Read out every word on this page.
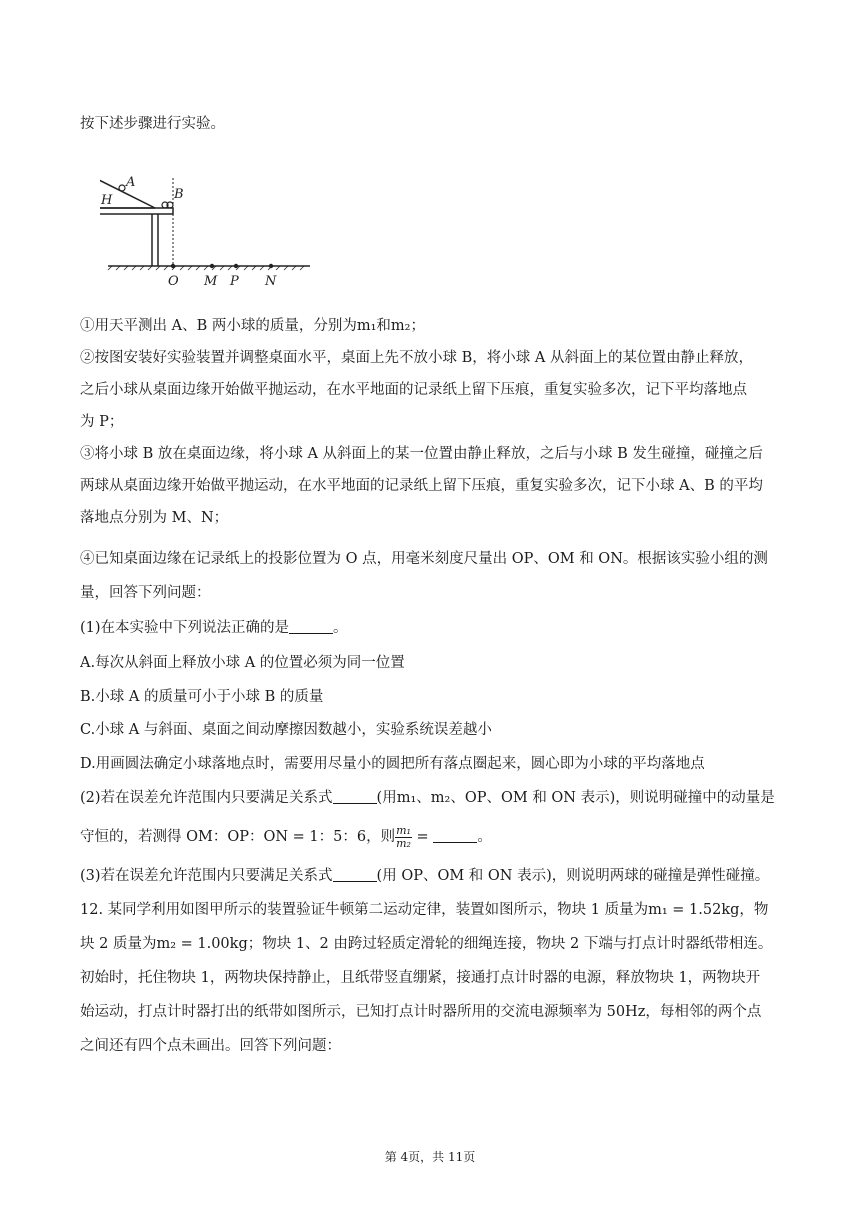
按下述步骤进行实验。
A
B
H
O M P N
①用天平测出 A、B 两小球的质量，分别为m₁和m₂；
②按图安装好实验装置并调整桌面水平，桌面上先不放小球 B，将小球 A 从斜面上的某位置由静止释放，
之后小球从桌面边缘开始做平抛运动，在水平地面的记录纸上留下压痕，重复实验多次，记下平均落地点
为 P；
③将小球 B 放在桌面边缘，将小球 A 从斜面上的某一位置由静止释放，之后与小球 B 发生碰撞，碰撞之后
两球从桌面边缘开始做平抛运动，在水平地面的记录纸上留下压痕，重复实验多次，记下小球 A、B 的平均
落地点分别为 M、N；
④已知桌面边缘在记录纸上的投影位置为 O 点，用毫米刻度尺量出 OP、OM 和 ON。根据该实验小组的测
量，回答下列问题：
(1)在本实验中下列说法正确的是	。
A.每次从斜面上释放小球 A 的位置必须为同一位置
B.小球 A 的质量可小于小球 B 的质量
C.小球 A 与斜面、桌面之间动摩擦因数越小，实验系统误差越小
D.用画圆法确定小球落地点时，需要用尽量小的圆把所有落点圈起来，圆心即为小球的平均落地点
(2)若在误差允许范围内只要满足关系式	(用m₁、m₂、OP、OM 和 ON 表示)，则说明碰撞中的动量是
守恒的，若测得 OM：OP：ON = 1：5：6，则 $\frac{\text{m₁}}{\text{m₂}}$ =	。
(3)若在误差允许范围内只要满足关系式	(用 OP、OM 和 ON 表示)，则说明两球的碰撞是弹性碰撞。
12. 某同学利用如图甲所示的装置验证牛顿第二运动定律，装置如图所示，物块 1 质量为m₁ = 1.52kg，物
块 2 质量为m₂ = 1.00kg；物块 1、2 由跨过轻质定滑轮的细绳连接，物块 2 下端与打点计时器纸带相连。
初始时，托住物块 1，两物块保持静止，且纸带竖直绷紧，接通打点计时器的电源，释放物块 1，两物块开
始运动，打点计时器打出的纸带如图所示，已知打点计时器所用的交流电源频率为 50Hz，每相邻的两个点
之间还有四个点未画出。回答下列问题：
第 4页，共 11页
